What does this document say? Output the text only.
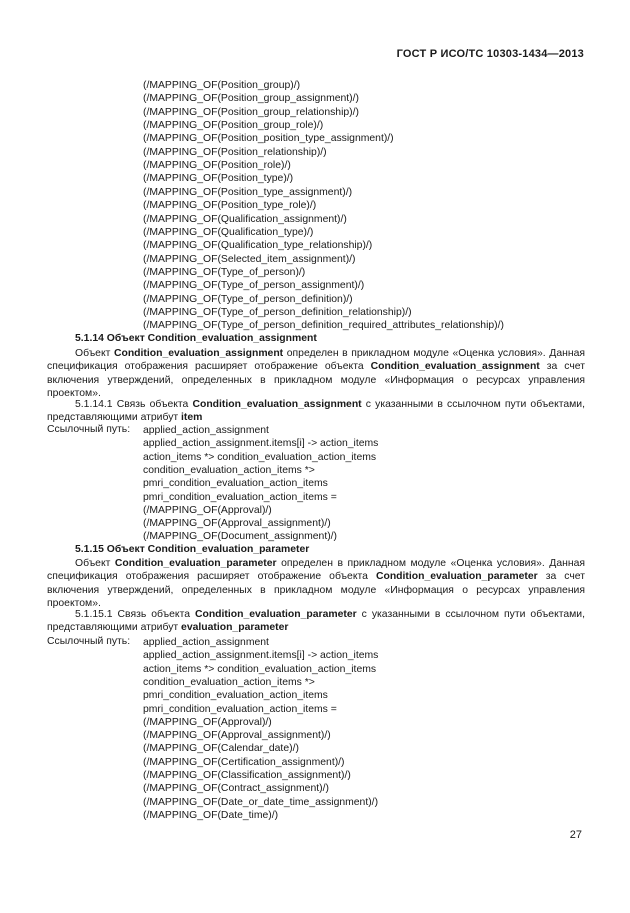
ГОСТ Р ИСО/ТС 10303-1434—2013
(/MAPPING_OF(Position_group)/)
(/MAPPING_OF(Position_group_assignment)/)
(/MAPPING_OF(Position_group_relationship)/)
(/MAPPING_OF(Position_group_role)/)
(/MAPPING_OF(Position_position_type_assignment)/)
(/MAPPING_OF(Position_relationship)/)
(/MAPPING_OF(Position_role)/)
(/MAPPING_OF(Position_type)/)
(/MAPPING_OF(Position_type_assignment)/)
(/MAPPING_OF(Position_type_role)/)
(/MAPPING_OF(Qualification_assignment)/)
(/MAPPING_OF(Qualification_type)/)
(/MAPPING_OF(Qualification_type_relationship)/)
(/MAPPING_OF(Selected_item_assignment)/)
(/MAPPING_OF(Type_of_person)/)
(/MAPPING_OF(Type_of_person_assignment)/)
(/MAPPING_OF(Type_of_person_definition)/)
(/MAPPING_OF(Type_of_person_definition_relationship)/)
(/MAPPING_OF(Type_of_person_definition_required_attributes_relationship)/)
5.1.14 Объект Condition_evaluation_assignment
Объект Condition_evaluation_assignment определен в прикладном модуле «Оценка условия». Данная спецификация отображения расширяет отображение объекта Condition_evaluation_assignment за счет включения утверждений, определенных в прикладном модуле «Информация о ресурсах управления проектом».
5.1.14.1 Связь объекта Condition_evaluation_assignment с указанными в ссылочном пути объектами, представляющими атрибут item
Ссылочный путь: applied_action_assignment
applied_action_assignment.items[i] -> action_items
action_items *> condition_evaluation_action_items
condition_evaluation_action_items *>
pmri_condition_evaluation_action_items
pmri_condition_evaluation_action_items =
(/MAPPING_OF(Approval)/)
(/MAPPING_OF(Approval_assignment)/)
(/MAPPING_OF(Document_assignment)/)
5.1.15 Объект Condition_evaluation_parameter
Объект Condition_evaluation_parameter определен в прикладном модуле «Оценка условия». Данная спецификация отображения расширяет отображение объекта Condition_evaluation_parameter за счет включения утверждений, определенных в прикладном модуле «Информация о ресурсах управления проектом».
5.1.15.1 Связь объекта Condition_evaluation_parameter с указанными в ссылочном пути объектами, представляющими атрибут evaluation_parameter
Ссылочный путь: applied_action_assignment
applied_action_assignment.items[i] -> action_items
action_items *> condition_evaluation_action_items
condition_evaluation_action_items *>
pmri_condition_evaluation_action_items
pmri_condition_evaluation_action_items =
(/MAPPING_OF(Approval)/)
(/MAPPING_OF(Approval_assignment)/)
(/MAPPING_OF(Calendar_date)/)
(/MAPPING_OF(Certification_assignment)/)
(/MAPPING_OF(Classification_assignment)/)
(/MAPPING_OF(Contract_assignment)/)
(/MAPPING_OF(Date_or_date_time_assignment)/)
(/MAPPING_OF(Date_time)/)
27
